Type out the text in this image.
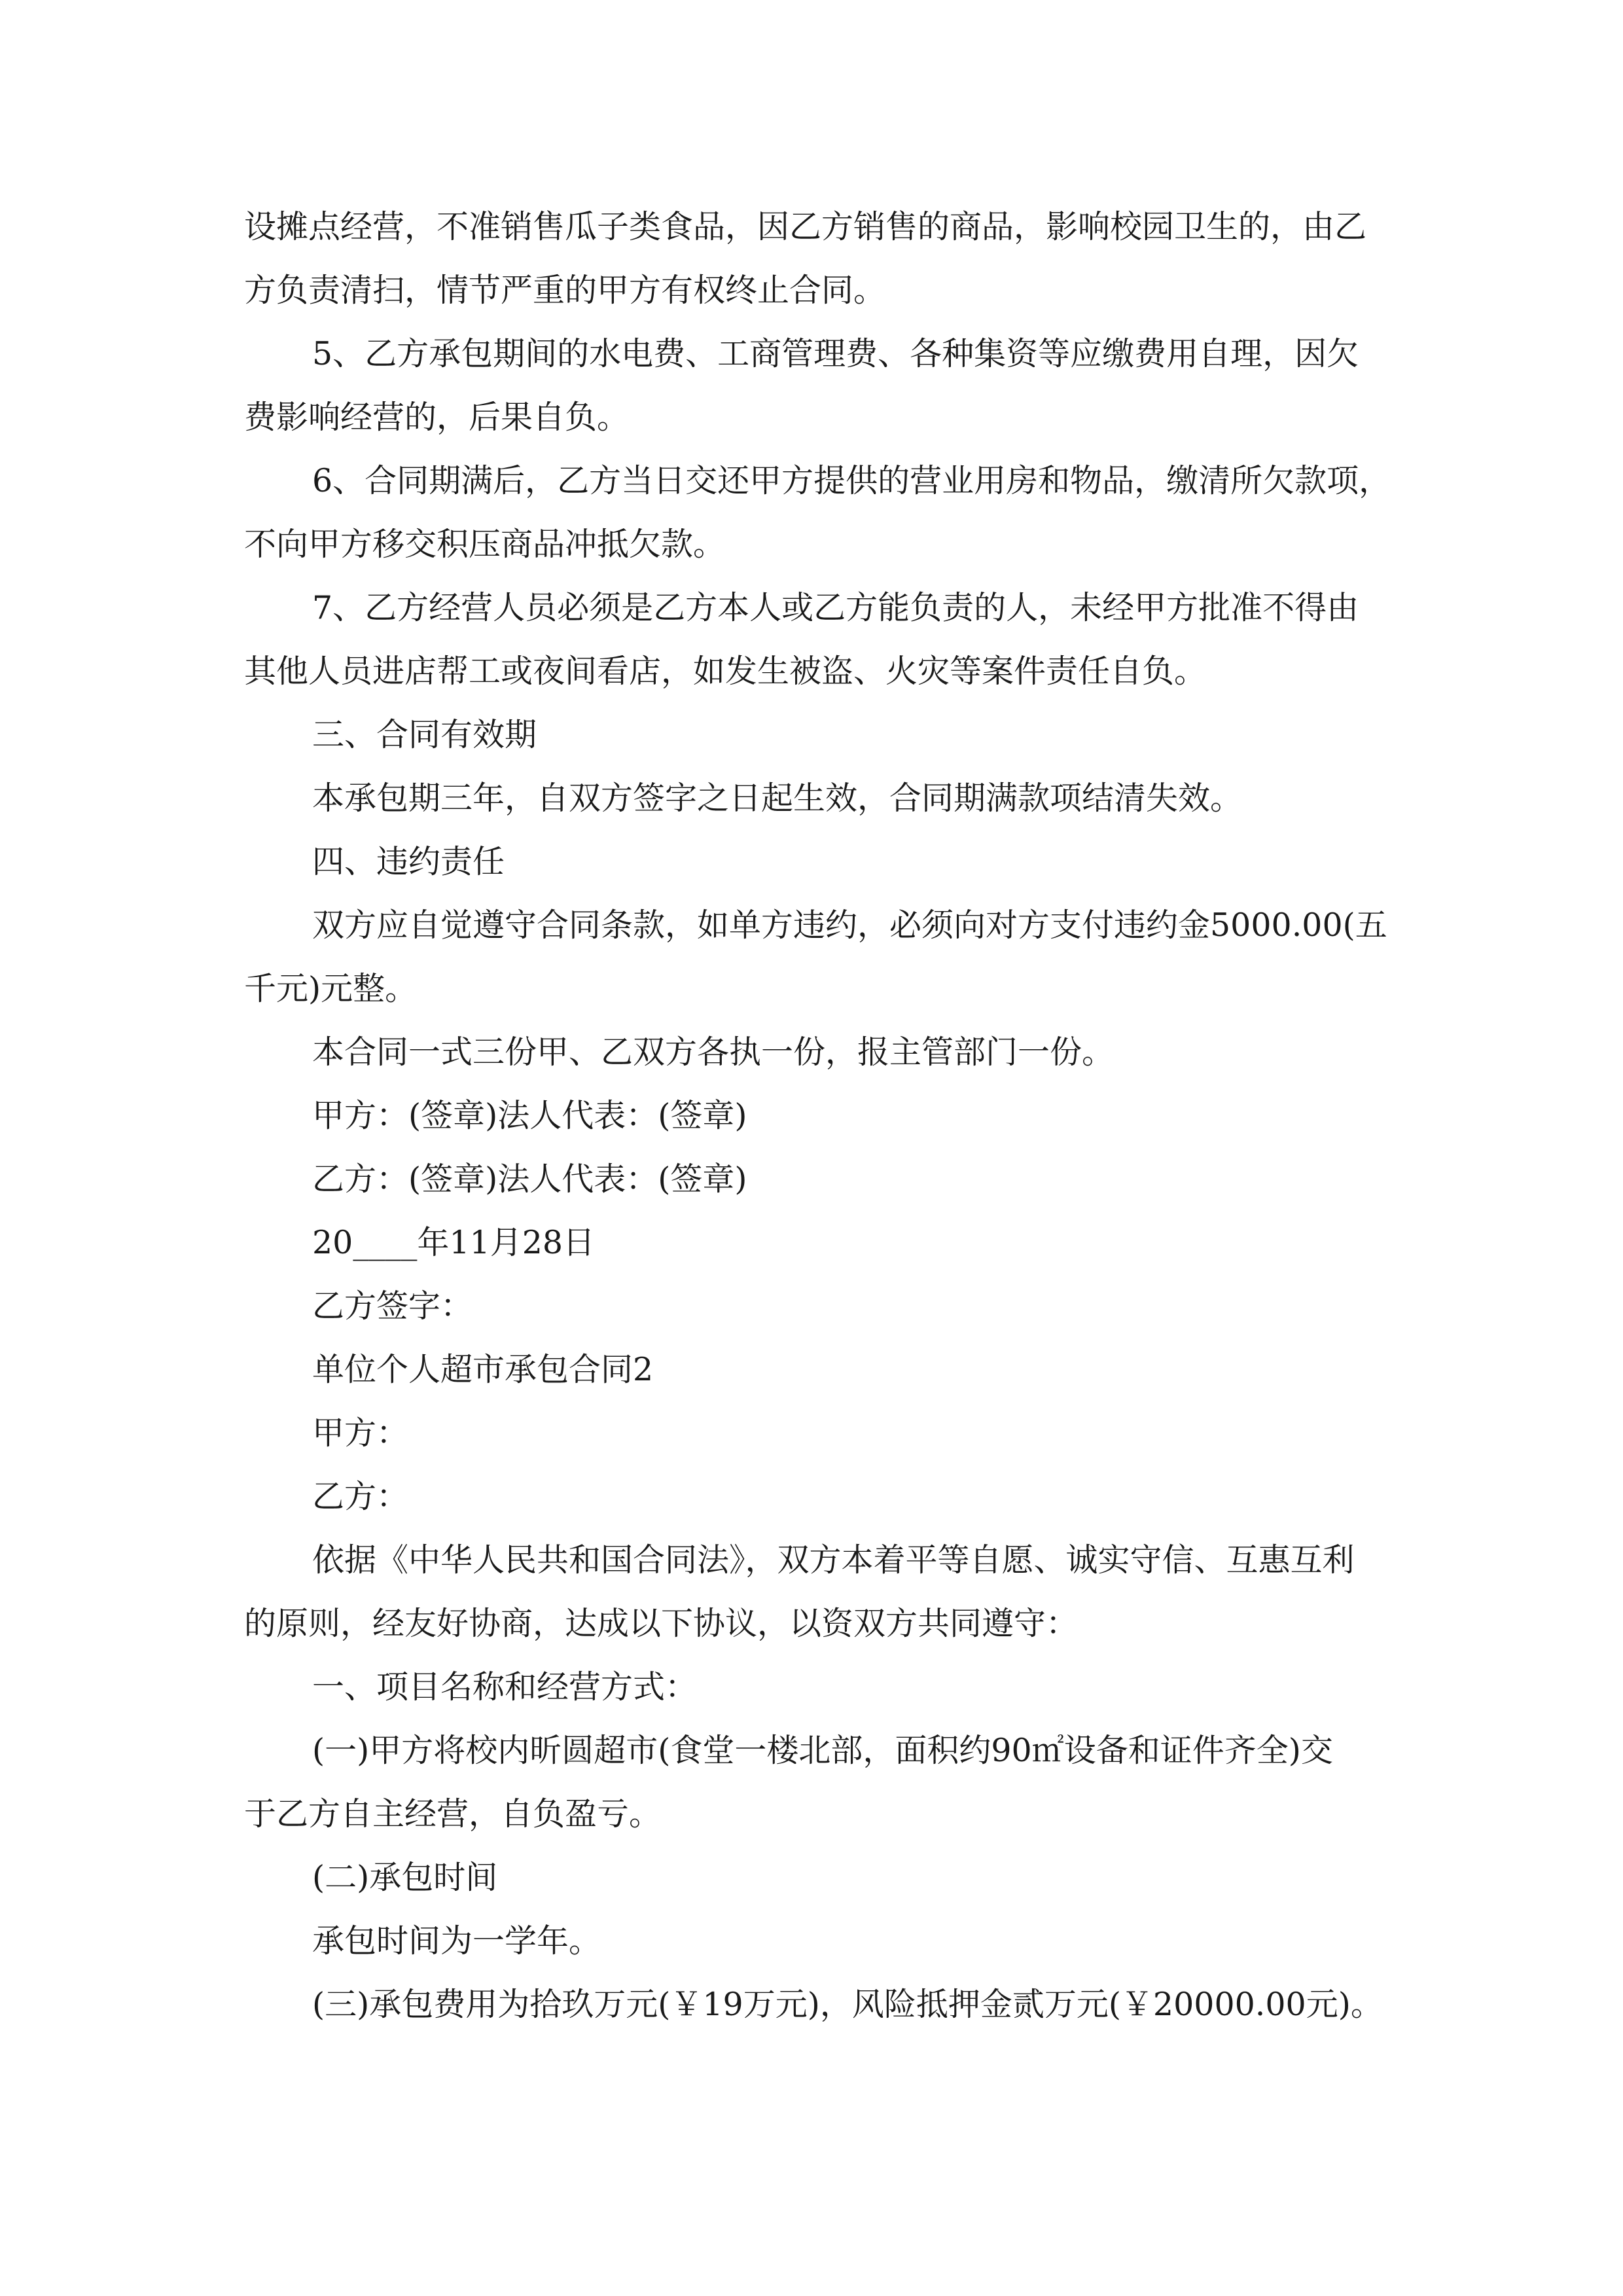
设摊点经营，不准销售瓜子类食品，因乙方销售的商品，影响校园卫生的，由乙
方负责清扫，情节严重的甲方有权终止合同。
5、乙方承包期间的水电费、工商管理费、各种集资等应缴费用自理，因欠
费影响经营的，后果自负。
6、合同期满后，乙方当日交还甲方提供的营业用房和物品，缴清所欠款项，
不向甲方移交积压商品冲抵欠款。
7、乙方经营人员必须是乙方本人或乙方能负责的人，未经甲方批准不得由
其他人员进店帮工或夜间看店，如发生被盗、火灾等案件责任自负。
三、合同有效期
本承包期三年，自双方签字之日起生效，合同期满款项结清失效。
四、违约责任
双方应自觉遵守合同条款，如单方违约，必须向对方支付违约金5000.00(五
千元)元整。
本合同一式三份甲、乙双方各执一份，报主管部门一份。
甲方：(签章)法人代表：(签章)
乙方：(签章)法人代表：(签章)
20____年11月28日
乙方签字：
单位个人超市承包合同2
甲方：
乙方：
依据《中华人民共和国合同法》，双方本着平等自愿、诚实守信、互惠互利
的原则，经友好协商，达成以下协议，以资双方共同遵守：
一、项目名称和经营方式：
(一)甲方将校内昕圆超市(食堂一楼北部，面积约90㎡设备和证件齐全)交
于乙方自主经营，自负盈亏。
(二)承包时间
承包时间为一学年。
(三)承包费用为拾玖万元(￥19万元)，风险抵押金贰万元(￥20000.00元)。
